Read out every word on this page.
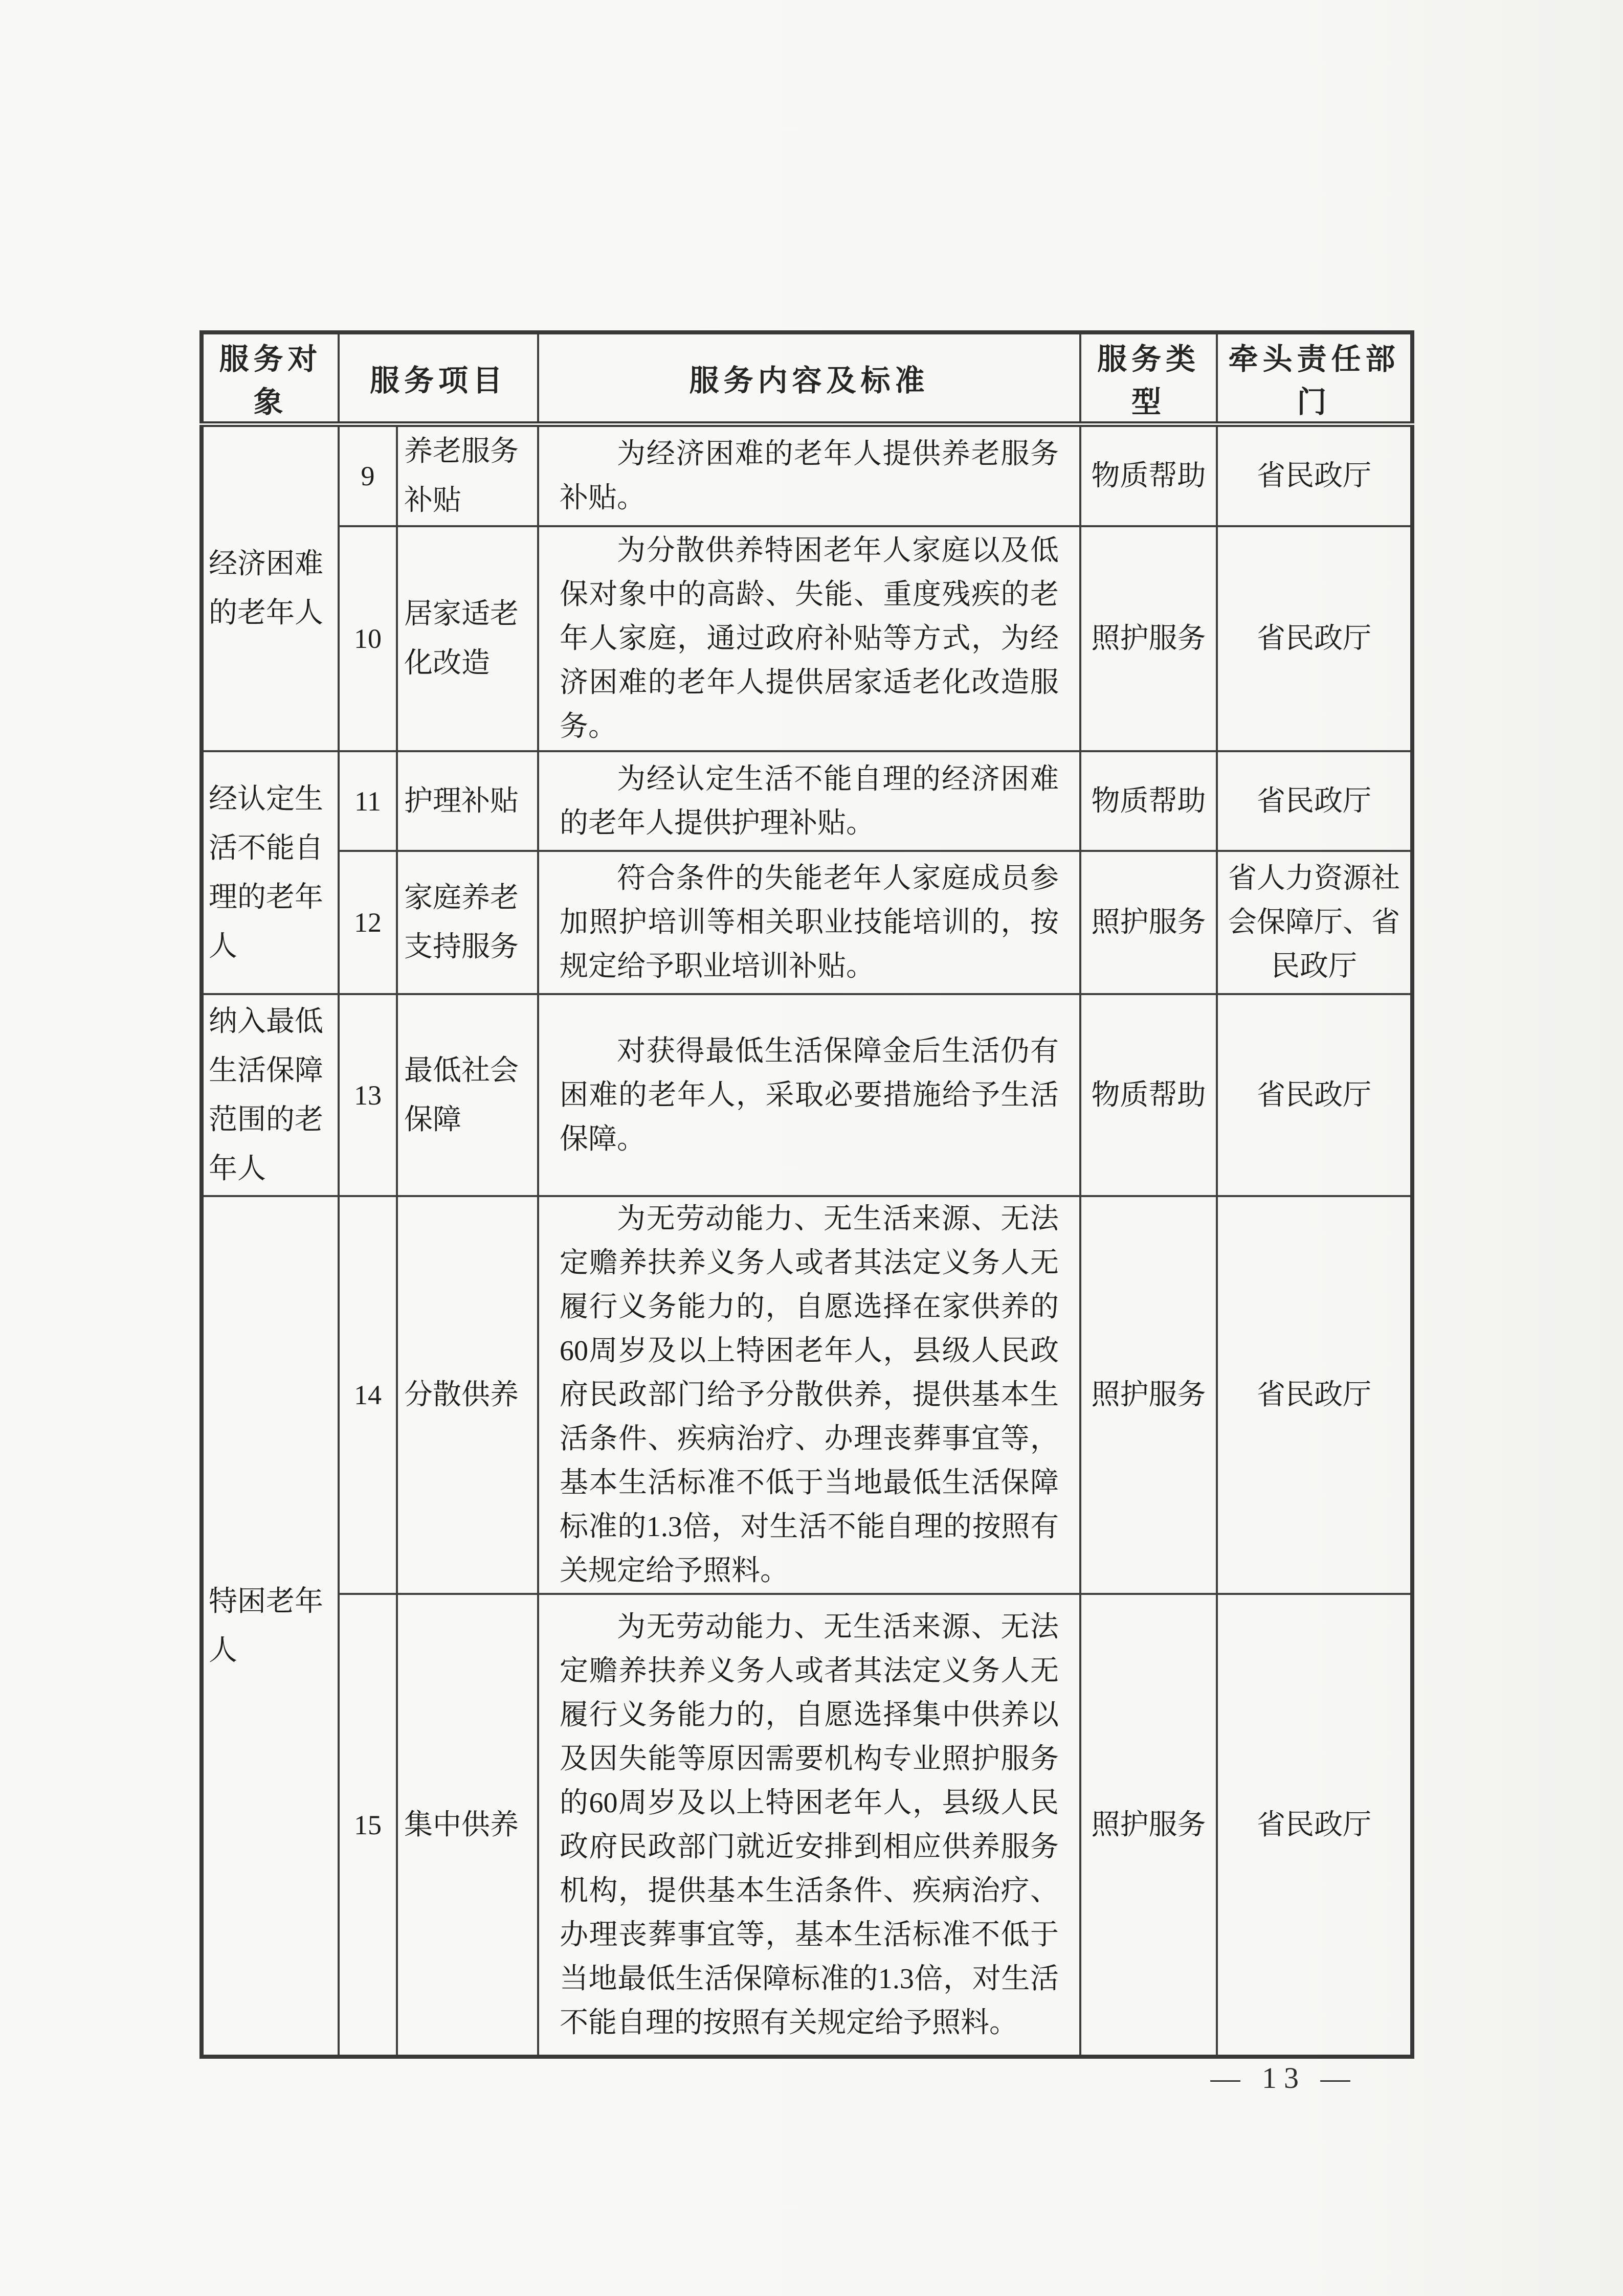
服务对象	服务项目		服务内容及标准	服务类型	牵头责任部门
经济困难的老年人	9	养老服务补贴	为经济困难的老年人提供养老服务补贴。	物质帮助	省民政厅
	10	居家适老化改造	为分散供养特困老年人家庭以及低保对象中的高龄、失能、重度残疾的老年人家庭，通过政府补贴等方式，为经济困难的老年人提供居家适老化改造服务。	照护服务	省民政厅
经认定生活不能自理的老年人	11	护理补贴	为经认定生活不能自理的经济困难的老年人提供护理补贴。	物质帮助	省民政厅
	12	家庭养老支持服务	符合条件的失能老年人家庭成员参加照护培训等相关职业技能培训的，按规定给予职业培训补贴。	照护服务	省人力资源社会保障厅、省民政厅
纳入最低生活保障范围的老年人	13	最低社会保障	对获得最低生活保障金后生活仍有困难的老年人，采取必要措施给予生活保障。	物质帮助	省民政厅
特困老年人	14	分散供养	为无劳动能力、无生活来源、无法定赡养扶养义务人或者其法定义务人无履行义务能力的，自愿选择在家供养的60周岁及以上特困老年人，县级人民政府民政部门给予分散供养，提供基本生活条件、疾病治疗、办理丧葬事宜等，基本生活标准不低于当地最低生活保障标准的1.3倍，对生活不能自理的按照有关规定给予照料。	照护服务	省民政厅
	15	集中供养	为无劳动能力、无生活来源、无法定赡养扶养义务人或者其法定义务人无履行义务能力的，自愿选择集中供养以及因失能等原因需要机构专业照护服务的60周岁及以上特困老年人，县级人民政府民政部门就近安排到相应供养服务机构，提供基本生活条件、疾病治疗、办理丧葬事宜等，基本生活标准不低于当地最低生活保障标准的1.3倍，对生活不能自理的按照有关规定给予照料。	照护服务	省民政厅
— 13 —
